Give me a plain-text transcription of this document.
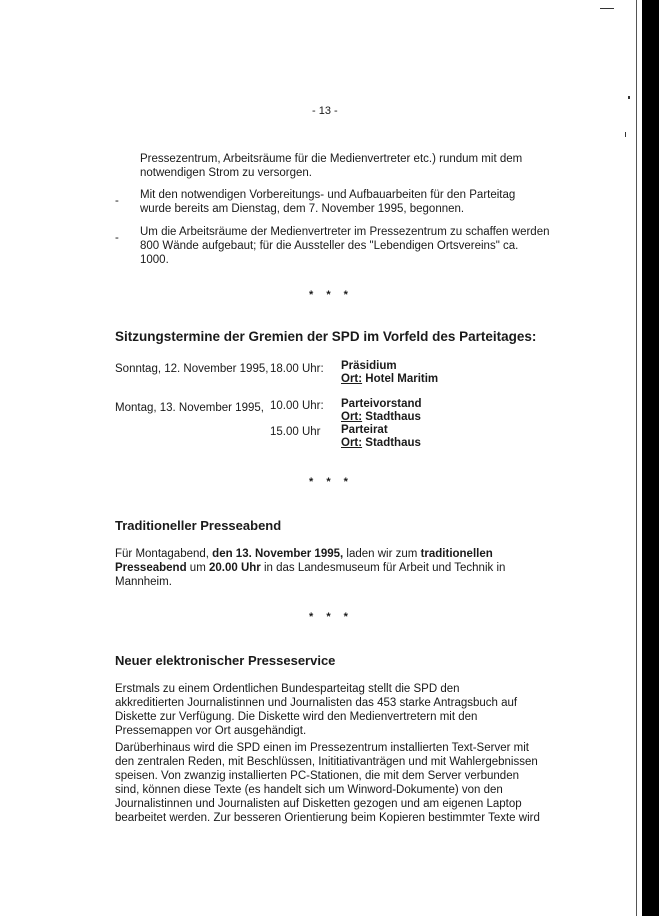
- 13 -

Pressezentrum, Arbeitsräume für die Medienvertreter etc.) rundum mit dem notwendigen Strom zu versorgen.

- Mit den notwendigen Vorbereitungs- und Aufbauarbeiten für den Parteitag wurde bereits am Dienstag, dem 7. November 1995, begonnen.

- Um die Arbeitsräume der Medienvertreter im Pressezentrum zu schaffen werden 800 Wände aufgebaut; für die Aussteller des "Lebendigen Ortsvereins" ca. 1000.

* * *
Sitzungstermine der Gremien der SPD im Vorfeld des Parteitages:
Sonntag, 12. November 1995, 18.00 Uhr: Präsidium
Ort: Hotel Maritim
Montag, 13. November 1995, 10.00 Uhr: Parteivorstand
Ort: Stadthaus
15.00 Uhr Parteirat
Ort: Stadthaus
* * *
Traditioneller Presseabend

Für Montagabend, den 13. November 1995, laden wir zum traditionellen Presseabend um 20.00 Uhr in das Landesmuseum für Arbeit und Technik in Mannheim.

* * *
Neuer elektronischer Presseservice

Erstmals zu einem Ordentlichen Bundesparteitag stellt die SPD den akkreditierten Journalistinnen und Journalisten das 453 starke Antragsbuch auf Diskette zur Verfügung. Die Diskette wird den Medienvertretern mit den Pressemappen vor Ort ausgehändigt.

Darüberhinaus wird die SPD einen im Pressezentrum installierten Text-Server mit den zentralen Reden, mit Beschlüssen, Inititiativanträgen und mit Wahlergebnissen speisen. Von zwanzig installierten PC-Stationen, die mit dem Server verbunden sind, können diese Texte (es handelt sich um Winword-Dokumente) von den Journalistinnen und Journalisten auf Disketten gezogen und am eigenen Laptop bearbeitet werden. Zur besseren Orientierung beim Kopieren bestimmter Texte wird
